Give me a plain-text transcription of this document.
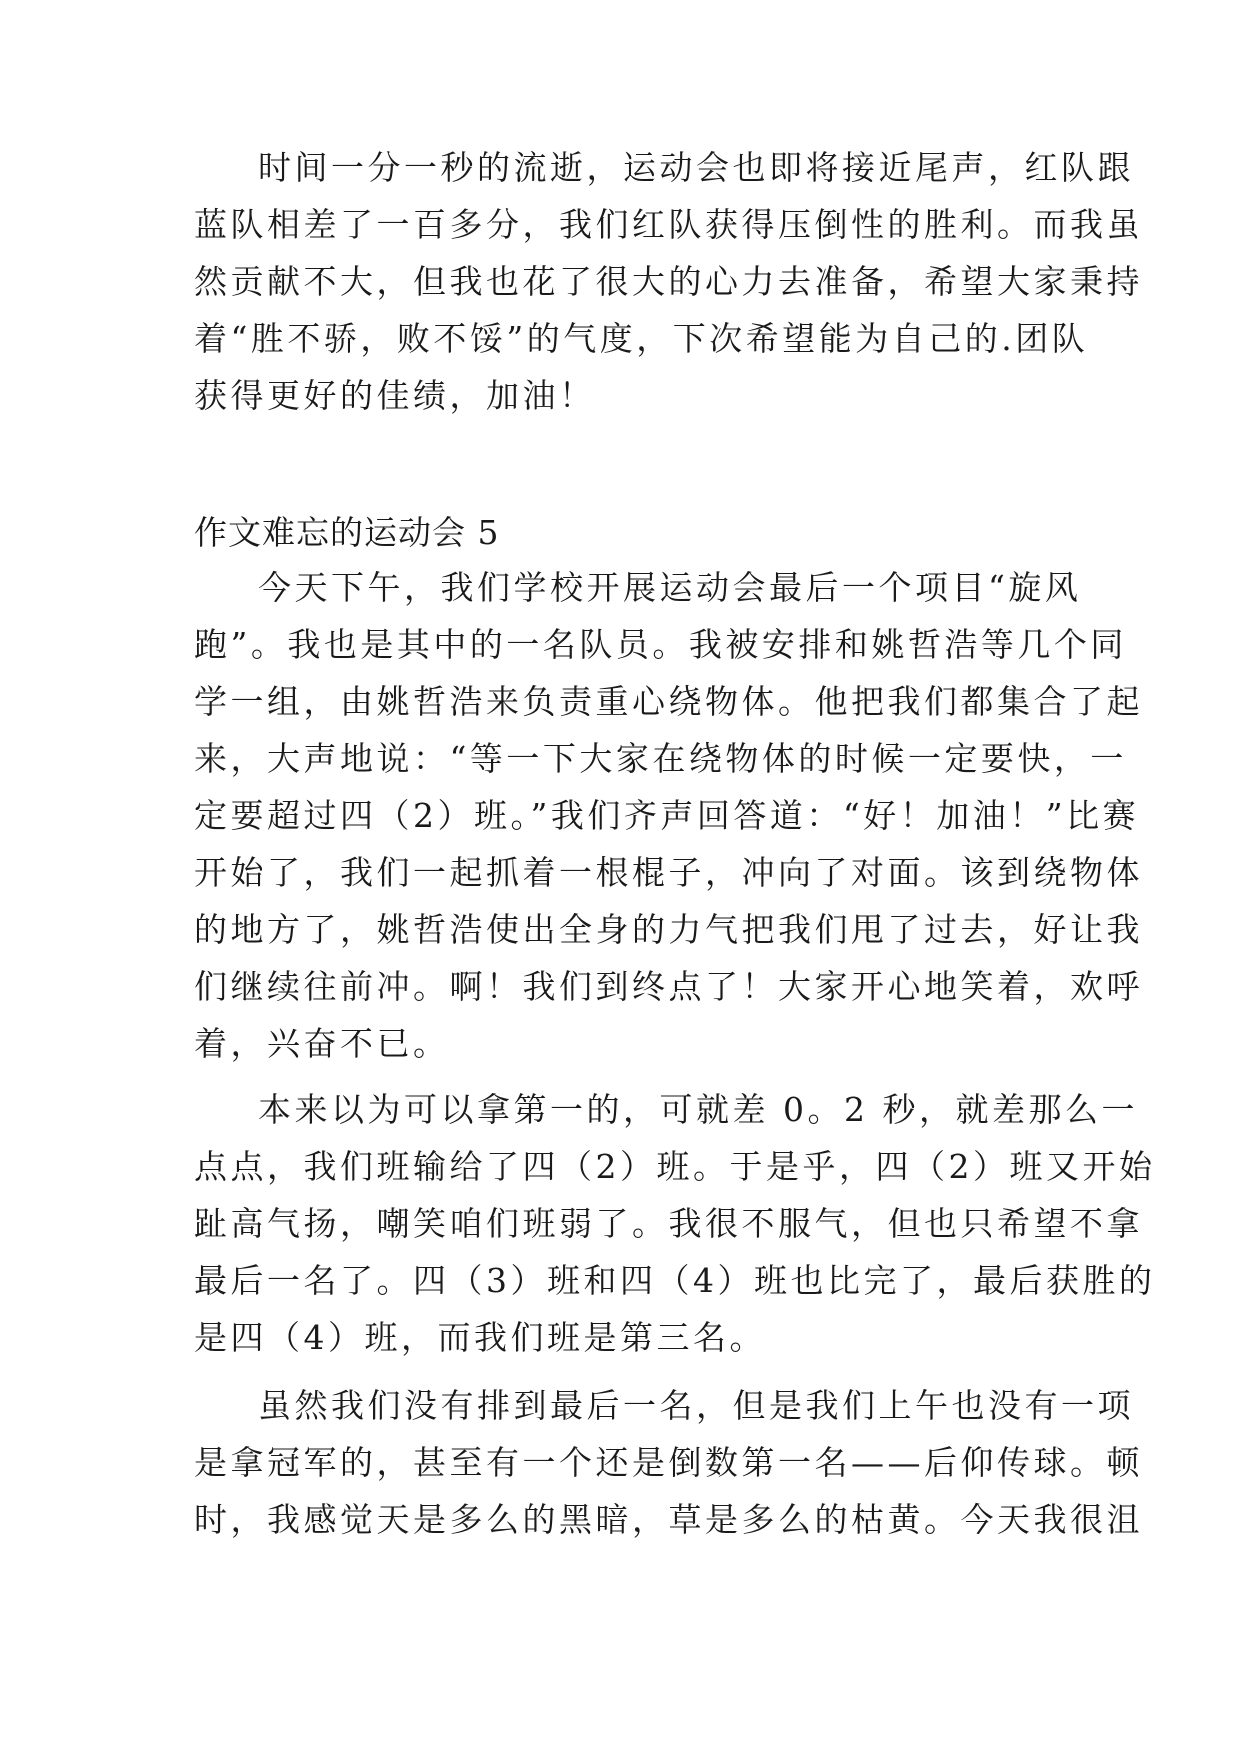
时间一分一秒的流逝，运动会也即将接近尾声，红队跟
蓝队相差了一百多分，我们红队获得压倒性的胜利。而我虽
然贡献不大，但我也花了很大的心力去准备，希望大家秉持
着“胜不骄，败不馁”的气度，下次希望能为自己的.团队
获得更好的佳绩，加油！
作文难忘的运动会 5
今天下午，我们学校开展运动会最后一个项目“旋风
跑”。我也是其中的一名队员。我被安排和姚哲浩等几个同
学一组，由姚哲浩来负责重心绕物体。他把我们都集合了起
来，大声地说：“等一下大家在绕物体的时候一定要快，一
定要超过四（2）班。”我们齐声回答道：“好！加油！”比赛
开始了，我们一起抓着一根棍子，冲向了对面。该到绕物体
的地方了，姚哲浩使出全身的力气把我们甩了过去，好让我
们继续往前冲。啊！我们到终点了！大家开心地笑着，欢呼
着，兴奋不已。
本来以为可以拿第一的，可就差 0。2 秒，就差那么一
点点，我们班输给了四（2）班。于是乎，四（2）班又开始
趾高气扬，嘲笑咱们班弱了。我很不服气，但也只希望不拿
最后一名了。四（3）班和四（4）班也比完了，最后获胜的
是四（4）班，而我们班是第三名。
虽然我们没有排到最后一名，但是我们上午也没有一项
是拿冠军的，甚至有一个还是倒数第一名——后仰传球。顿
时，我感觉天是多么的黑暗，草是多么的枯黄。今天我很沮
